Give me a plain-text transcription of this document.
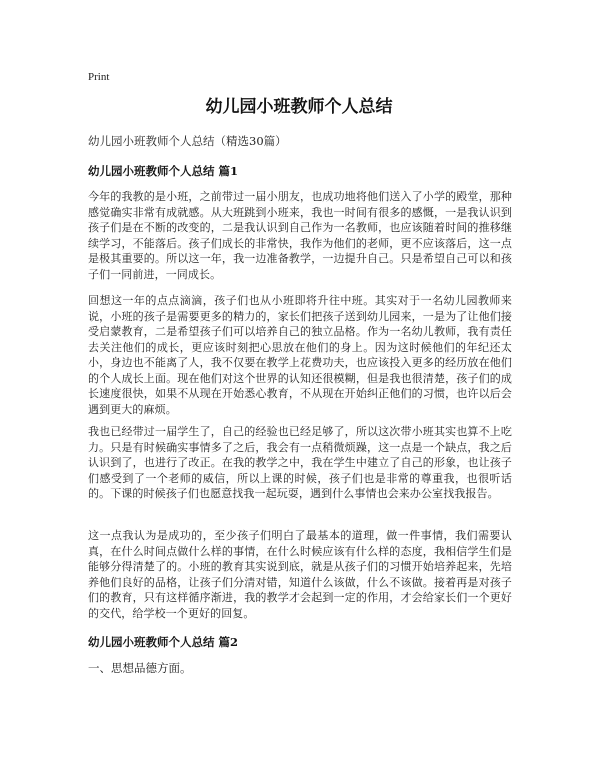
Print
幼儿园小班教师个人总结

幼儿园小班教师个人总结（精选30篇）

幼儿园小班教师个人总结 篇1

今年的我教的是小班，之前带过一届小朋友，也成功地将他们送入了小学的殿堂，那种感觉确实非常有成就感。从大班跳到小班来，我也一时间有很多的感慨，一是我认识到孩子们是在不断的改变的，二是我认识到自己作为一名教师，也应该随着时间的推移继续学习，不能落后。孩子们成长的非常快，我作为他们的老师，更不应该落后，这一点是极其重要的。所以这一年，我一边准备教学，一边提升自己。只是希望自己可以和孩子们一同前进，一同成长。

回想这一年的点点滴滴，孩子们也从小班即将升往中班。其实对于一名幼儿园教师来说，小班的孩子是需要更多的精力的，家长们把孩子送到幼儿园来，一是为了让他们接受启蒙教育，二是希望孩子们可以培养自己的独立品格。作为一名幼儿教师，我有责任去关注他们的成长，更应该时刻把心思放在他们的身上。因为这时候他们的年纪还太小，身边也不能离了人，我不仅要在教学上花费功夫，也应该投入更多的经历放在他们的个人成长上面。现在他们对这个世界的认知还很模糊，但是我也很清楚，孩子们的成长速度很快，如果不从现在开始悉心教育，不从现在开始纠正他们的习惯，也许以后会遇到更大的麻烦。

我也已经带过一届学生了，自己的经验也已经足够了，所以这次带小班其实也算不上吃力。只是有时候确实事情多了之后，我会有一点稍微烦躁，这一点是一个缺点，我之后认识到了，也进行了改正。在我的教学之中，我在学生中建立了自己的形象，也让孩子们感受到了一个老师的威信，所以上课的时候，孩子们也是非常的尊重我，也很听话的。下课的时候孩子们也愿意找我一起玩耍，遇到什么事情也会来办公室找我报告。

这一点我认为是成功的，至少孩子们明白了最基本的道理，做一件事情，我们需要认真，在什么时间点做什么样的事情，在什么时候应该有什么样的态度，我相信学生们是能够分得清楚了的。小班的教育其实说到底，就是从孩子们的习惯开始培养起来，先培养他们良好的品格，让孩子们分清对错，知道什么该做，什么不该做。接着再是对孩子们的教育，只有这样循序渐进，我的教学才会起到一定的作用，才会给家长们一个更好的交代，给学校一个更好的回复。

幼儿园小班教师个人总结 篇2

一、思想品德方面。
